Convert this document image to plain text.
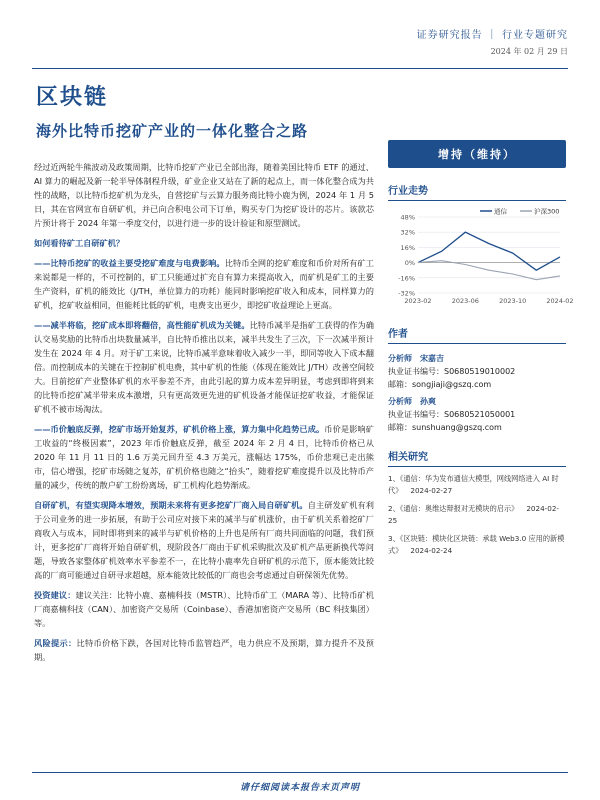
证券研究报告 ｜ 行业专题研究
2024 年 02 月 29 日
区块链
海外比特币挖矿产业的一体化整合之路

经过近两轮牛熊波动及政策周期，比特币挖矿产业已全部出海，随着美国比特币 ETF 的通过、AI 算力的崛起及新一轮半导体制程升级，矿业企业又站在了新的起点上，而一体化整合成为共性的战略，以比特币挖矿机为龙头，自营挖矿与云算力服务商比特小鹿为例，2024 年 1 月 5 日，其在官网宣布自研矿机，并已向合积电公司下订单，购买专门为挖矿设计的芯片。该款芯片预计将于 2024 年第一季度交付，以进行进一步的设计验证和原型测试。

如何看待矿工自研矿机？

——比特币挖矿的收益主要受挖矿难度与电费影响。比特币全网的挖矿难度和币价对所有矿工来说都是一样的，不可控制的，矿工只能通过扩充自有算力来提高收入，而矿机是矿工的主要生产资料，矿机的能效比（J/TH，单位算力的功耗）能同时影响挖矿收入和成本，同样算力的矿机，挖矿收益相同，但能耗比低的矿机，电费支出更少，即挖矿收益理论上更高。

——减半将临，挖矿成本即将翻倍，高性能矿机成为关键。比特币减半是指矿工获得的作为确认交易奖励的比特币出块数量减半，自比特币推出以来，减半共发生了三次，下一次减半预计发生在 2024 年 4 月。对于矿工来说，比特币减半意味着收入减少一半，即同等收入下成本翻倍。而控制成本的关键在于控制矿机电费，其中矿机的性能（体现在能效比 J/TH）改善空间较大。目前挖矿产业整体矿机的水平参差不齐，由此引起的算力成本差异明显，考虑到即将到来的比特币挖矿减半带来成本激增，只有更高效更先进的矿机设备才能保证挖矿收益，才能保证矿机不被市场淘汰。

——币价触底反弹，挖矿市场开始复苏，矿机价格上涨，算力集中化趋势已成。币价是影响矿工收益的“终极因素”，2023 年币价触底反弹，截至 2024 年 2 月 4 日，比特币价格已从 2020 年 11 月 11 日的 1.6 万美元回升至 4.3 万美元，涨幅达 175%，币价悲观已走出熊市，信心增强，挖矿市场随之复苏，矿机价格也随之“抬头”，随着挖矿难度提升以及比特币产量的减少，传统的散户矿工纷纷离场，矿工机构化趋势渐成。

自研矿机，有望实现降本增效，预期未来将有更多挖矿厂商入局自研矿机。自主研发矿机有利于公司业务的进一步拓展，有助于公司应对接下来的减半与矿机涨价，由于矿机关系着挖矿厂商收入与成本，同时即将到来的减半与矿机价格的上升也是所有厂商共同面临的问题，我们预计，更多挖矿厂商将开始自研矿机，现阶段各厂商由于矿机采购批次及矿机产品更新换代等问题，导致各家整体矿机效率水平参差不一，在比特小鹿率先自研矿机的示范下，原本能效比较高的厂商可能通过自研寻求超越，原本能效比较低的厂商也会考虑通过自研保领先优势。

投资建议：建议关注：比特小鹿、嘉楠科技（MSTR）、比特币矿工（MARA 等）、比特币矿机厂商嘉楠科技（CAN）、加密资产交易所（Coinbase）、香港加密资产交易所（BC 科技集团）等。

风险提示：比特币价格下跌，各国对比特币监管趋严，电力供应不及预期，算力提升不及预期。

增持（维持）
行业走势
48%
32%
16%
0%
-16%
-32%
2023-02	2023-06	2023-10	2024-02
通信	沪深300
作者
分析师 宋嘉吉
执业证书编号：S0680519010002
邮箱：songjiaji@gszq.com
分析师 孙爽
执业证书编号：S0680521050001
邮箱：sunshuang@gszq.com
相关研究
1、《通信：华为发布通信大模型，网线网络进入 AI 时代》 2024-02-27
2、《通信：奥维达辩报对无模块的启示》 2024-02-25
3、《区块链：模块化区块链：承载 Web3.0 应用的新模式》 2024-02-24
请仔细阅读本报告末页声明
